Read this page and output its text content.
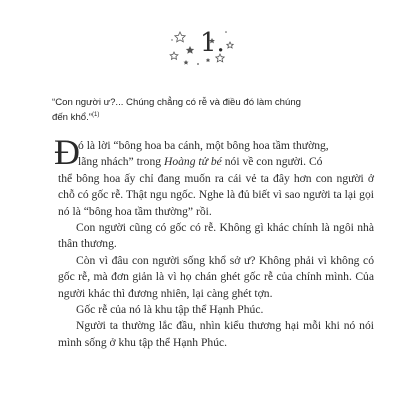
1.
“Con người ư?... Chúng chẳng có rễ và điều đó làm chúng
đến khổ.”$^{(1)}$

Đ
ó là lời “bông hoa ba cánh, một bông hoa tầm thường,
lãng nhách” trong Hoàng tử bé nói về con người. Có
thể bông hoa ấy chỉ đang muốn ra cái vẻ ta đây hơn con người ở chỗ có gốc rễ. Thật ngu ngốc. Nghe là đủ biết vì sao người ta lại gọi nó là “bông hoa tầm thường” rồi.

Con người cũng có gốc có rễ. Không gì khác chính là ngôi nhà thân thương.

Còn vì đâu con người sống khổ sở ư? Không phải vì không có gốc rễ, mà đơn giản là vì họ chán ghét gốc rễ của chính mình. Của người khác thì đương nhiên, lại càng ghét tợn.

Gốc rễ của nó là khu tập thể Hạnh Phúc.

Người ta thường lắc đầu, nhìn kiểu thương hại mỗi khi nó nói mình sống ở khu tập thể Hạnh Phúc.
